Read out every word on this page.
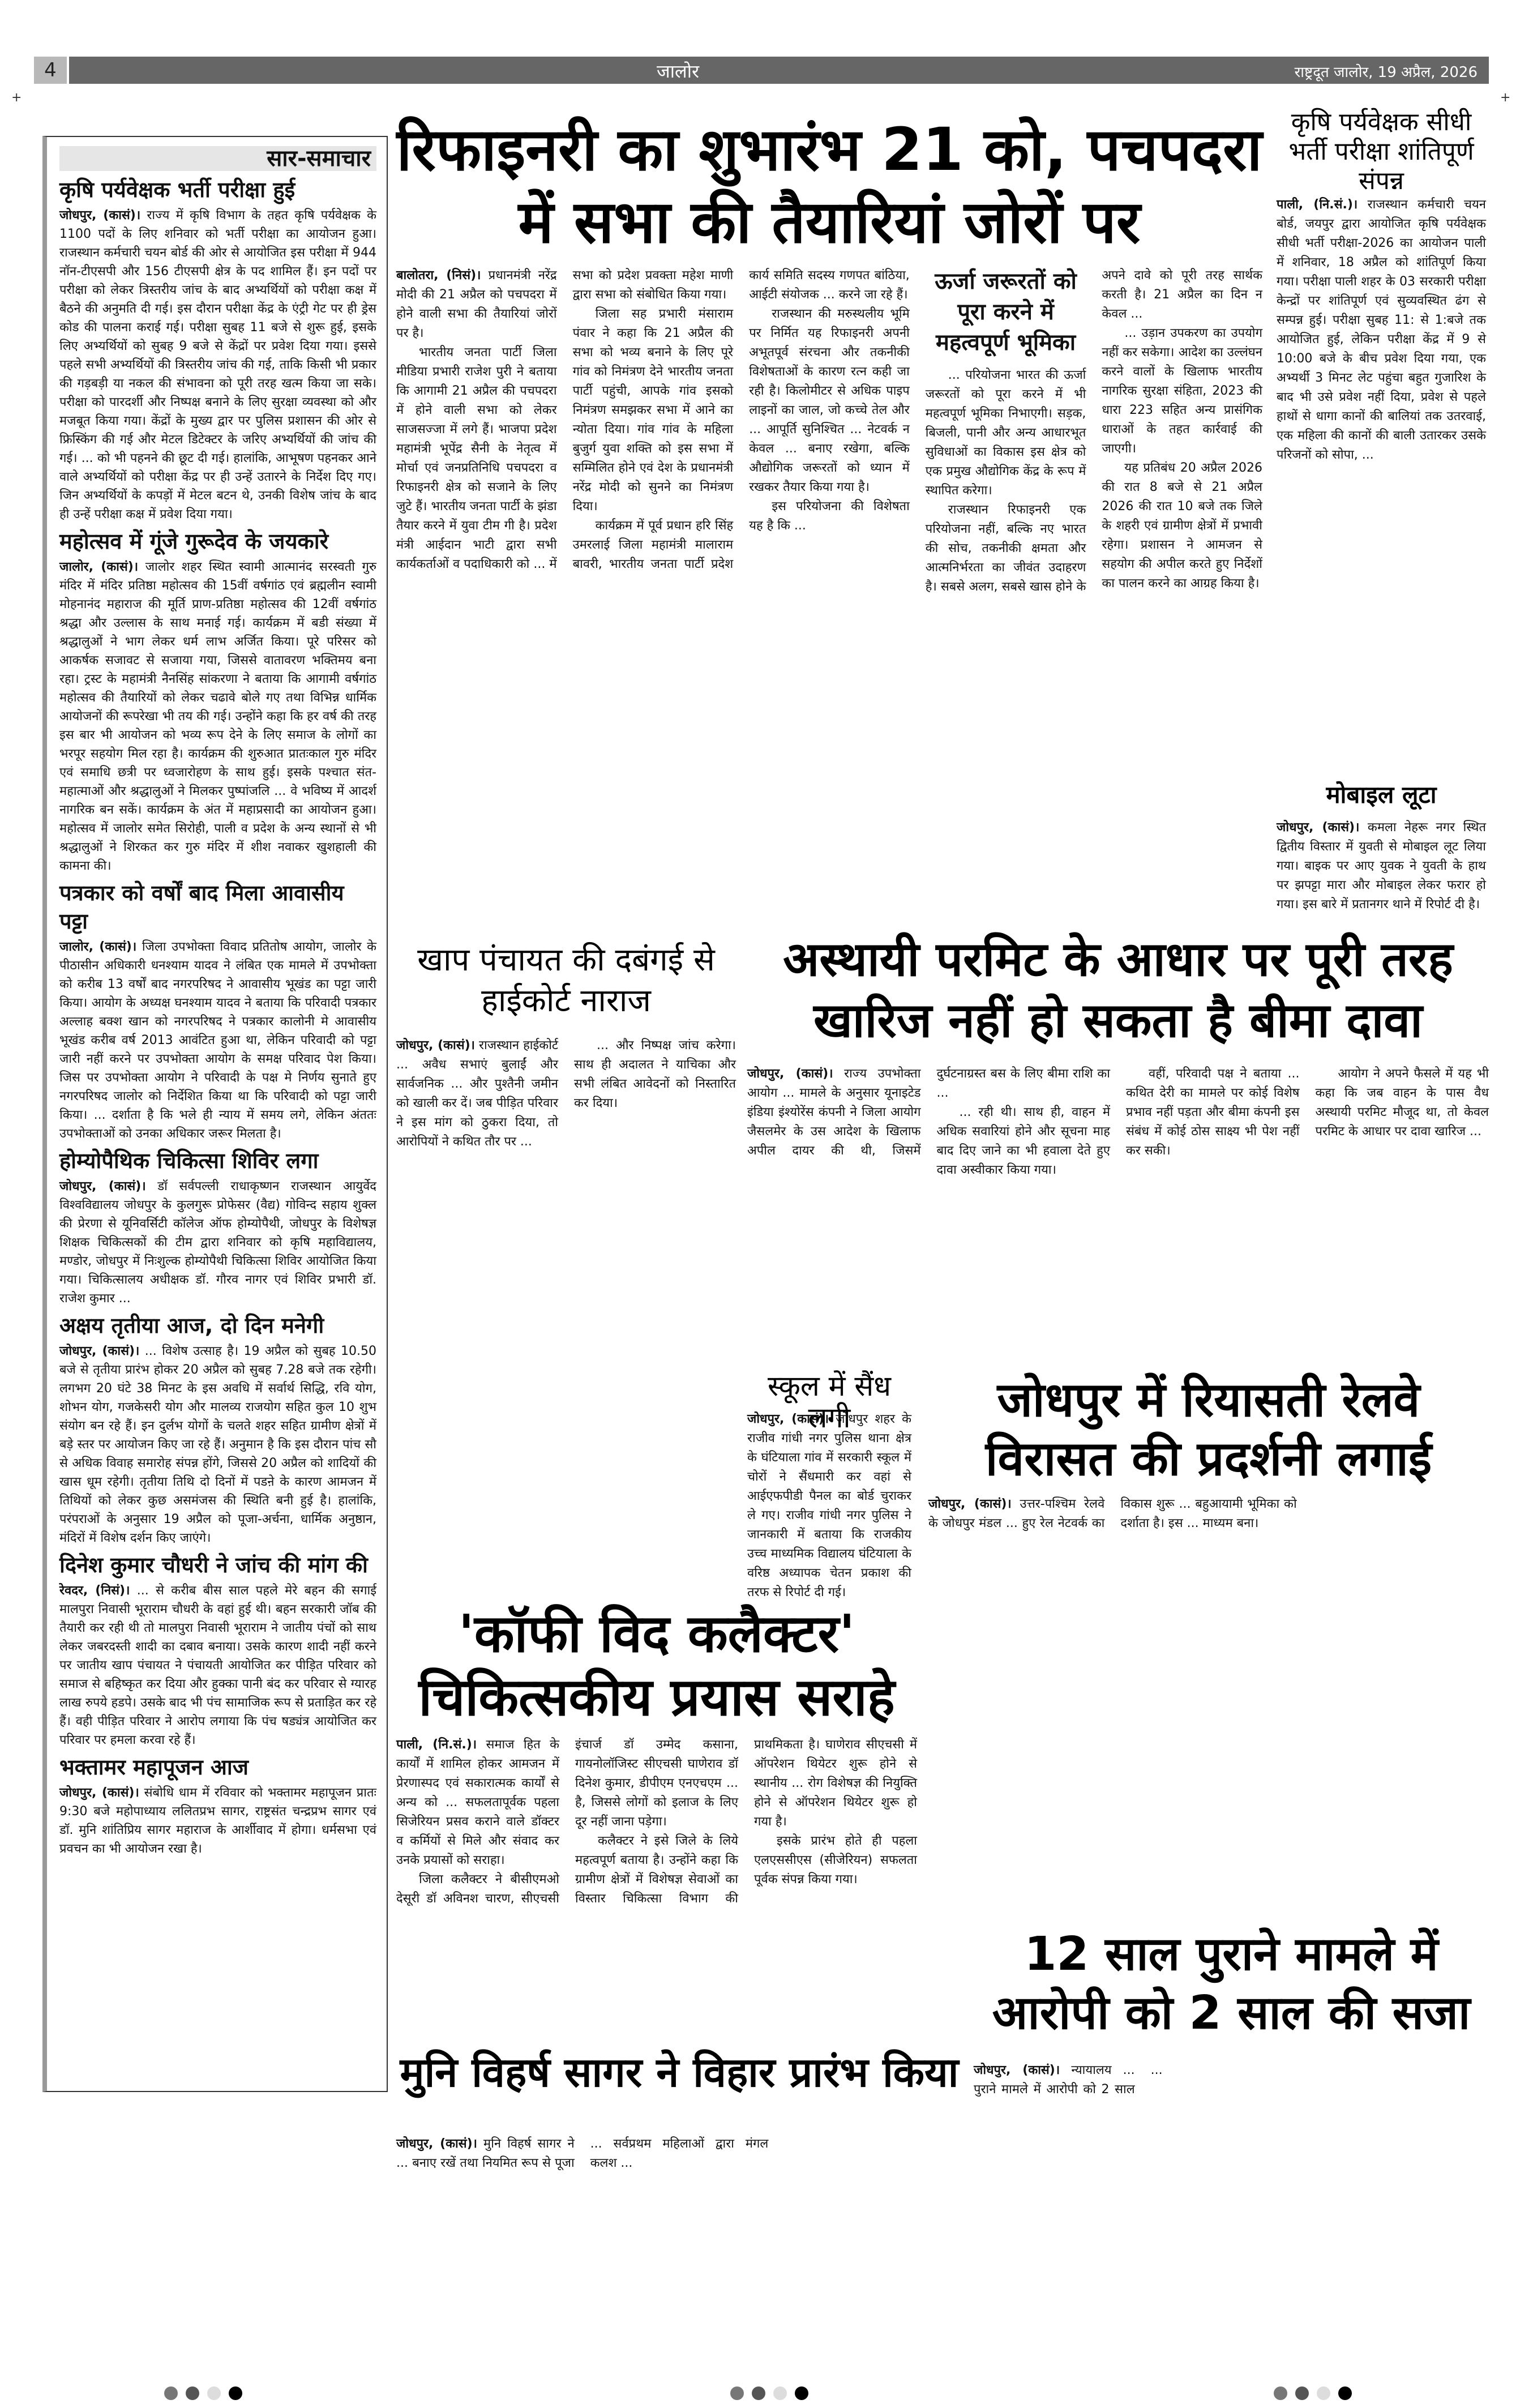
4	जालोर	राष्ट्रदूत जालोर, 19 अप्रैल, 2026
+	+
सार-समाचार
कृषि पर्यवेक्षक भर्ती परीक्षा हुई
जोधपुर, (कासं)। राज्य में कृषि विभाग के तहत कृषि पर्यवेक्षक के 1100 पदों के लिए शनिवार को भर्ती परीक्षा का आयोजन हुआ। राजस्थान कर्मचारी चयन बोर्ड की ओर से आयोजित इस परीक्षा में 944 नॉन-टीएसपी और 156 टीएसपी क्षेत्र के पद शामिल हैं। इन पदों पर परीक्षा को लेकर त्रिस्तरीय जांच के बाद अभ्यर्थियों को परीक्षा कक्ष में बैठने की अनुमति दी गई। इस दौरान परीक्षा केंद्र के एंट्री गेट पर ही ड्रेस कोड की पालना कराई गई। परीक्षा सुबह 11 बजे से शुरू हुई, इसके लिए अभ्यर्थियों को सुबह 9 बजे से केंद्रों पर प्रवेश दिया गया। इससे पहले सभी अभ्यर्थियों की त्रिस्तरीय जांच की गई, ताकि किसी भी प्रकार की गड़बड़ी या नकल की संभावना को पूरी तरह खत्म किया जा सके। परीक्षा को पारदर्शी और निष्पक्ष बनाने के लिए सुरक्षा व्यवस्था को और मजबूत किया गया। केंद्रों के मुख्य द्वार पर पुलिस प्रशासन की ओर से फ्रिस्किंग की गई और मेटल डिटेक्टर के जरिए अभ्यर्थियों की जांच की गई। ... को भी पहनने की छूट दी गई। हालांकि, आभूषण पहनकर आने वाले अभ्यर्थियों को परीक्षा केंद्र पर ही उन्हें उतारने के निर्देश दिए गए। जिन अभ्यर्थियों के कपड़ों में मेटल बटन थे, उनकी विशेष जांच के बाद ही उन्हें परीक्षा कक्ष में प्रवेश दिया गया।
महोत्सव में गूंजे गुरूदेव के जयकारे
जालोर, (कासं)। जालोर शहर स्थित स्वामी आत्मानंद सरस्वती गुरु मंदिर में मंदिर प्रतिष्ठा महोत्सव की 15वीं वर्षगांठ एवं ब्रह्मलीन स्वामी मोहनानंद महाराज की मूर्ति प्राण-प्रतिष्ठा महोत्सव की 12वीं वर्षगांठ श्रद्धा और उल्लास के साथ मनाई गई। कार्यक्रम में बडी संख्या में श्रद्धालुओं ने भाग लेकर धर्म लाभ अर्जित किया। पूरे परिसर को आकर्षक सजावट से सजाया गया, जिससे वातावरण भक्तिमय बना रहा। ट्रस्ट के महामंत्री नैनसिंह सांकरणा ने बताया कि आगामी वर्षगांठ महोत्सव की तैयारियों को लेकर चढावे बोले गए तथा विभिन्न धार्मिक आयोजनों की रूपरेखा भी तय की गई। उन्होंने कहा कि हर वर्ष की तरह इस बार भी आयोजन को भव्य रूप देने के लिए समाज के लोगों का भरपूर सहयोग मिल रहा है। कार्यक्रम की शुरुआत प्रातःकाल गुरु मंदिर एवं समाधि छत्री पर ध्वजारोहण के साथ हुई। इसके पश्चात संत-महात्माओं और श्रद्धालुओं ने मिलकर पुष्पांजलि ... वे भविष्य में आदर्श नागरिक बन सकें। कार्यक्रम के अंत में महाप्रसादी का आयोजन हुआ। महोत्सव में जालोर समेत सिरोही, पाली व प्रदेश के अन्य स्थानों से भी श्रद्धालुओं ने शिरकत कर गुरु मंदिर में शीश नवाकर खुशहाली की कामना की।
पत्रकार को वर्षों बाद मिला आवासीय पट्टा
जालोर, (कासं)। जिला उपभोक्ता विवाद प्रतितोष आयोग, जालोर के पीठासीन अधिकारी धनश्याम यादव ने लंबित एक मामले में उपभोक्ता को करीब 13 वर्षों बाद नगरपरिषद ने आवासीय भूखंड का पट्टा जारी किया। आयोग के अध्यक्ष घनश्याम यादव ने बताया कि परिवादी पत्रकार अल्लाह बक्श खान को नगरपरिषद ने पत्रकार कालोनी मे आवासीय भूखंड करीब वर्ष 2013 आवंटित हुआ था, लेकिन परिवादी को पट्टा जारी नहीं करने पर उपभोक्ता आयोग के समक्ष परिवाद पेश किया। जिस पर उपभोक्ता आयोग ने परिवादी के पक्ष मे निर्णय सुनाते हुए नगरपरिषद जालोर को निर्देशित किया था कि परिवादी को पट्टा जारी किया। ... दर्शाता है कि भले ही न्याय में समय लगे, लेकिन अंततः उपभोक्ताओं को उनका अधिकार जरूर मिलता है।
होम्योपैथिक चिकित्सा शिविर लगा
जोधपुर, (कासं)। डॉ सर्वपल्ली राधाकृष्णन राजस्थान आयुर्वेद विश्वविद्यालय जोधपुर के कुलगुरू प्रोफेसर (वैद्य) गोविन्द सहाय शुक्ल की प्रेरणा से यूनिवर्सिटी कॉलेज ऑफ होम्योपैथी, जोधपुर के विशेषज्ञ शिक्षक चिकित्सकों की टीम द्वारा शनिवार को कृषि महाविद्यालय, मण्डोर, जोधपुर में निःशुल्क होम्योपैथी चिकित्सा शिविर आयोजित किया गया। चिकित्सालय अधीक्षक डॉ. गौरव नागर एवं शिविर प्रभारी डॉ. राजेश कुमार ...
अक्षय तृतीया आज, दो दिन मनेगी
जोधपुर, (कासं)। ... विशेष उत्साह है। 19 अप्रैल को सुबह 10.50 बजे से तृतीया प्रारंभ होकर 20 अप्रैल को सुबह 7.28 बजे तक रहेगी। लगभग 20 घंटे 38 मिनट के इस अवधि में सर्वार्थ सिद्धि, रवि योग, शोभन योग, गजकेसरी योग और मालव्य राजयोग सहित कुल 10 शुभ संयोग बन रहे हैं। इन दुर्लभ योगों के चलते शहर सहित ग्रामीण क्षेत्रों में बड़े स्तर पर आयोजन किए जा रहे हैं। अनुमान है कि इस दौरान पांच सौ से अधिक विवाह समारोह संपन्न होंगे, जिससे 20 अप्रैल को शादियों की खास धूम रहेगी। तृतीया तिथि दो दिनों में पडऩे के कारण आमजन में तिथियों को लेकर कुछ असमंजस की स्थिति बनी हुई है। हालांकि, परंपराओं के अनुसार 19 अप्रैल को पूजा-अर्चना, धार्मिक अनुष्ठान, मंदिरों में विशेष दर्शन किए जाएंगे।
दिनेश कुमार चौधरी ने जांच की मांग की
रेवदर, (निसं)। ... से करीब बीस साल पहले मेरे बहन की सगाई मालपुरा निवासी भूराराम चौधरी के वहां हुई थी। बहन सरकारी जॉब की तैयारी कर रही थी तो मालपुरा निवासी भूराराम ने जातीय पंचों को साथ लेकर जबरदस्ती शादी का दबाव बनाया। उसके कारण शादी नहीं करने पर जातीय खाप पंचायत ने पंचायती आयोजित कर पीड़ित परिवार को समाज से बहिष्कृत कर दिया और हुक्का पानी बंद कर परिवार से ग्यारह लाख रुपये हडपे। उसके बाद भी पंच सामाजिक रूप से प्रताड़ित कर रहे हैं। वही पीड़ित परिवार ने आरोप लगाया कि पंच षड्यंत्र आयोजित कर परिवार पर हमला करवा रहे हैं।
भक्तामर महापूजन आज
जोधपुर, (कासं)। संबोधि धाम में रविवार को भक्तामर महापूजन प्रातः 9:30 बजे महोपाध्याय ललितप्रभ सागर, राष्ट्रसंत चन्द्रप्रभ सागर एवं डॉ. मुनि शांतिप्रिय सागर महाराज के आर्शीवाद में होगा। धर्मसभा एवं प्रवचन का भी आयोजन रखा है।
रिफाइनरी का शुभारंभ 21 को, पचपदरा में सभा की तैयारियां जोरों पर

बालोतरा, (निसं)। प्रधानमंत्री नरेंद्र मोदी की 21 अप्रैल को पचपदरा में होने वाली सभा की तैयारियां जोरों पर है।

भारतीय जनता पार्टी जिला मीडिया प्रभारी राजेश पुरी ने बताया कि आगामी 21 अप्रैल की पचपदरा में होने वाली सभा को लेकर साजसज्जा में लगे हैं। भाजपा प्रदेश महामंत्री भूपेंद्र सैनी के नेतृत्व में मोर्चा एवं जनप्रतिनिधि पचपदरा व रिफाइनरी क्षेत्र को सजाने के लिए जुटे हैं। भारतीय जनता पार्टी के झंडा तैयार करने में युवा टीम गी है। प्रदेश मंत्री आईदान भाटी द्वारा सभी कार्यकर्ताओं व पदाधिकारी को ... में सभा को प्रदेश प्रवक्ता महेश माणी द्वारा सभा को संबोधित किया गया।

जिला सह प्रभारी मंसाराम पंवार ने कहा कि 21 अप्रैल की सभा को भव्य बनाने के लिए पूरे गांव को निमंत्रण देने भारतीय जनता पार्टी पहुंची, आपके गांव इसको निमंत्रण समझकर सभा में आने का न्योता दिया। गांव गांव के महिला बुजुर्ग युवा शक्ति को इस सभा में सम्मिलित होने एवं देश के प्रधानमंत्री नरेंद्र मोदी को सुनने का निमंत्रण दिया।

कार्यक्रम में पूर्व प्रधान हरि सिंह उमरलाई जिला महामंत्री मालाराम बावरी, भारतीय जनता पार्टी प्रदेश कार्य समिति सदस्य गणपत बांठिया, आईटी संयोजक ... करने जा रहे हैं।

राजस्थान की मरुस्थलीय भूमि पर निर्मित यह रिफाइनरी अपनी अभूतपूर्व संरचना और तकनीकी विशेषताओं के कारण रत्न कही जा रही है। किलोमीटर से अधिक पाइप लाइनों का जाल, जो कच्चे तेल और ... आपूर्ति सुनिश्चित ... नेटवर्क न केवल ... बनाए रखेगा, बल्कि औद्योगिक जरूरतों को ध्यान में रखकर तैयार किया गया है।

इस परियोजना की विशेषता यह है कि ...

ऊर्जा जरूरतों को पूरा करने में महत्वपूर्ण भूमिका

... परियोजना भारत की ऊर्जा जरूरतों को पूरा करने में भी महत्वपूर्ण भूमिका निभाएगी। सड़क, बिजली, पानी और अन्य आधारभूत सुविधाओं का विकास इस क्षेत्र को एक प्रमुख औद्योगिक केंद्र के रूप में स्थापित करेगा।

राजस्थान रिफाइनरी एक परियोजना नहीं, बल्कि नए भारत की सोच, तकनीकी क्षमता और आत्मनिर्भरता का जीवंत उदाहरण है। सबसे अलग, सबसे खास होने के अपने दावे को पूरी तरह सार्थक करती है। 21 अप्रैल का दिन न केवल ...

... उड़ान उपकरण का उपयोग नहीं कर सकेगा। आदेश का उल्लंघन करने वालों के खिलाफ भारतीय नागरिक सुरक्षा संहिता, 2023 की धारा 223 सहित अन्य प्रासंगिक धाराओं के तहत कार्रवाई की जाएगी।

यह प्रतिबंध 20 अप्रैल 2026 की रात 8 बजे से 21 अप्रैल 2026 की रात 10 बजे तक जिले के शहरी एवं ग्रामीण क्षेत्रों में प्रभावी रहेगा। प्रशासन ने आमजन से सहयोग की अपील करते हुए निर्देशों का पालन करने का आग्रह किया है।

कृषि पर्यवेक्षक सीधी भर्ती परीक्षा शांतिपूर्ण संपन्न

पाली, (नि.सं.)। राजस्थान कर्मचारी चयन बोर्ड, जयपुर द्वारा आयोजित कृषि पर्यवेक्षक सीधी भर्ती परीक्षा-2026 का आयोजन पाली में शनिवार, 18 अप्रैल को शांतिपूर्ण किया गया। परीक्षा पाली शहर के 03 सरकारी परीक्षा केन्द्रों पर शांतिपूर्ण एवं सुव्यवस्थित ढंग से सम्पन्न हुई। परीक्षा सुबह 11: से 1:बजे तक आयोजित हुई, लेकिन परीक्षा केंद्र में 9 से 10:00 बजे के बीच प्रवेश दिया गया, एक अभ्यर्थी 3 मिनट लेट पहुंचा बहुत गुजारिश के बाद भी उसे प्रवेश नहीं दिया, प्रवेश से पहले हाथों से धागा कानों की बालियां तक उतरवाई, एक महिला की कानों की बाली उतारकर उसके परिजनों को सोपा, ...

मोबाइल लूटा

जोधपुर, (कासं)। कमला नेहरू नगर स्थित द्वितीय विस्तार में युवती से मोबाइल लूट लिया गया। बाइक पर आए युवक ने युवती के हाथ पर झपट्टा मारा और मोबाइल लेकर फरार हो गया। इस बारे में प्रतानगर थाने में रिपोर्ट दी है।

खाप पंचायत की दबंगई से हाईकोर्ट नाराज

जोधपुर, (कासं)। राजस्थान हाईकोर्ट ... अवैध सभाएं बुलाईं और सार्वजनिक ... और पुश्तैनी जमीन को खाली कर दें। जब पीड़ित परिवार ने इस मांग को ठुकरा दिया, तो आरोपियों ने कथित तौर पर ...

... और निष्पक्ष जांच करेगा। साथ ही अदालत ने याचिका और सभी लंबित आवेदनों को निस्तारित कर दिया।

अस्थायी परमिट के आधार पर पूरी तरह खारिज नहीं हो सकता है बीमा दावा

जोधपुर, (कासं)। राज्य उपभोक्ता आयोग ... मामले के अनुसार यूनाइटेड इंडिया इंश्योरेंस कंपनी ने जिला आयोग जैसलमेर के उस आदेश के खिलाफ अपील दायर की थी, जिसमें दुर्घटनाग्रस्त बस के लिए बीमा राशि का ...

... रही थी। साथ ही, वाहन में अधिक सवारियां होने और सूचना माह बाद दिए जाने का भी हवाला देते हुए दावा अस्वीकार किया गया।

वहीं, परिवादी पक्ष ने बताया ... कथित देरी का मामले पर कोई विशेष प्रभाव नहीं पड़ता और बीमा कंपनी इस संबंध में कोई ठोस साक्ष्य भी पेश नहीं कर सकी।

आयोग ने अपने फैसले में यह भी कहा कि जब वाहन के पास वैध अस्थायी परमिट मौजूद था, तो केवल परमिट के आधार पर दावा खारिज ...

स्कूल में सैंध लगी

जोधपुर, (कासं)। जोधपुर शहर के राजीव गांधी नगर पुलिस थाना क्षेत्र के घंटियाला गांव में सरकारी स्कूल में चोरों ने सैंधमारी कर वहां से आईएफपीडी पैनल का बोर्ड चुराकर ले गए। राजीव गांधी नगर पुलिस ने जानकारी में बताया कि राजकीय उच्च माध्यमिक विद्यालय घंटियाला के वरिष्ठ अध्यापक चेतन प्रकाश की तरफ से रिपोर्ट दी गई।

जोधपुर में रियासती रेलवे विरासत की प्रदर्शनी लगाई

जोधपुर, (कासं)। उत्तर-पश्चिम रेलवे के जोधपुर मंडल ... हुए रेल नेटवर्क का विकास शुरू ... बहुआयामी भूमिका को दर्शाता है। इस ... माध्यम बना।

'कॉफी विद कलैक्टर' चिकित्सकीय प्रयास सराहे

पाली, (नि.सं.)। समाज हित के कार्यों में शामिल होकर आमजन में प्रेरणास्पद एवं सकारात्मक कार्यों से अन्य को ... सफलतापूर्वक पहला सिजेरियन प्रसव कराने वाले डॉक्टर व कर्मियों से मिले और संवाद कर उनके प्रयासों को सराहा।

जिला कलैक्टर ने बीसीएमओ देसूरी डॉ अविनश चारण, सीएचसी इंचार्ज डॉ उम्मेद कसाना, गायनोलॉजिस्ट सीएचसी घाणेराव डॉ दिनेश कुमार, डीपीएम एनएचएम ... है, जिससे लोगों को इलाज के लिए दूर नहीं जाना पड़ेगा।

कलैक्टर ने इसे जिले के लिये महत्वपूर्ण बताया है। उन्होंने कहा कि ग्रामीण क्षेत्रों में विशेषज्ञ सेवाओं का विस्तार चिकित्सा विभाग की प्राथमिकता है। घाणेराव सीएचसी में ऑपरेशन थियेटर शुरू होने से स्थानीय ... रोग विशेषज्ञ की नियुक्ति होने से ऑपरेशन थियेटर शुरू हो गया है।

इसके प्रारंभ होते ही पहला एलएससीएस (सीजेरियन) सफलता पूर्वक संपन्न किया गया।

मुनि विहर्ष सागर ने विहार प्रारंभ किया

जोधपुर, (कासं)। मुनि विहर्ष सागर ने ... बनाए रखें तथा नियमित रूप से पूजा ... सर्वप्रथम महिलाओं द्वारा मंगल कलश ...

12 साल पुराने मामले में आरोपी को 2 साल की सजा

जोधपुर, (कासं)। न्यायालय ... पुराने मामले में आरोपी को 2 साल ...
